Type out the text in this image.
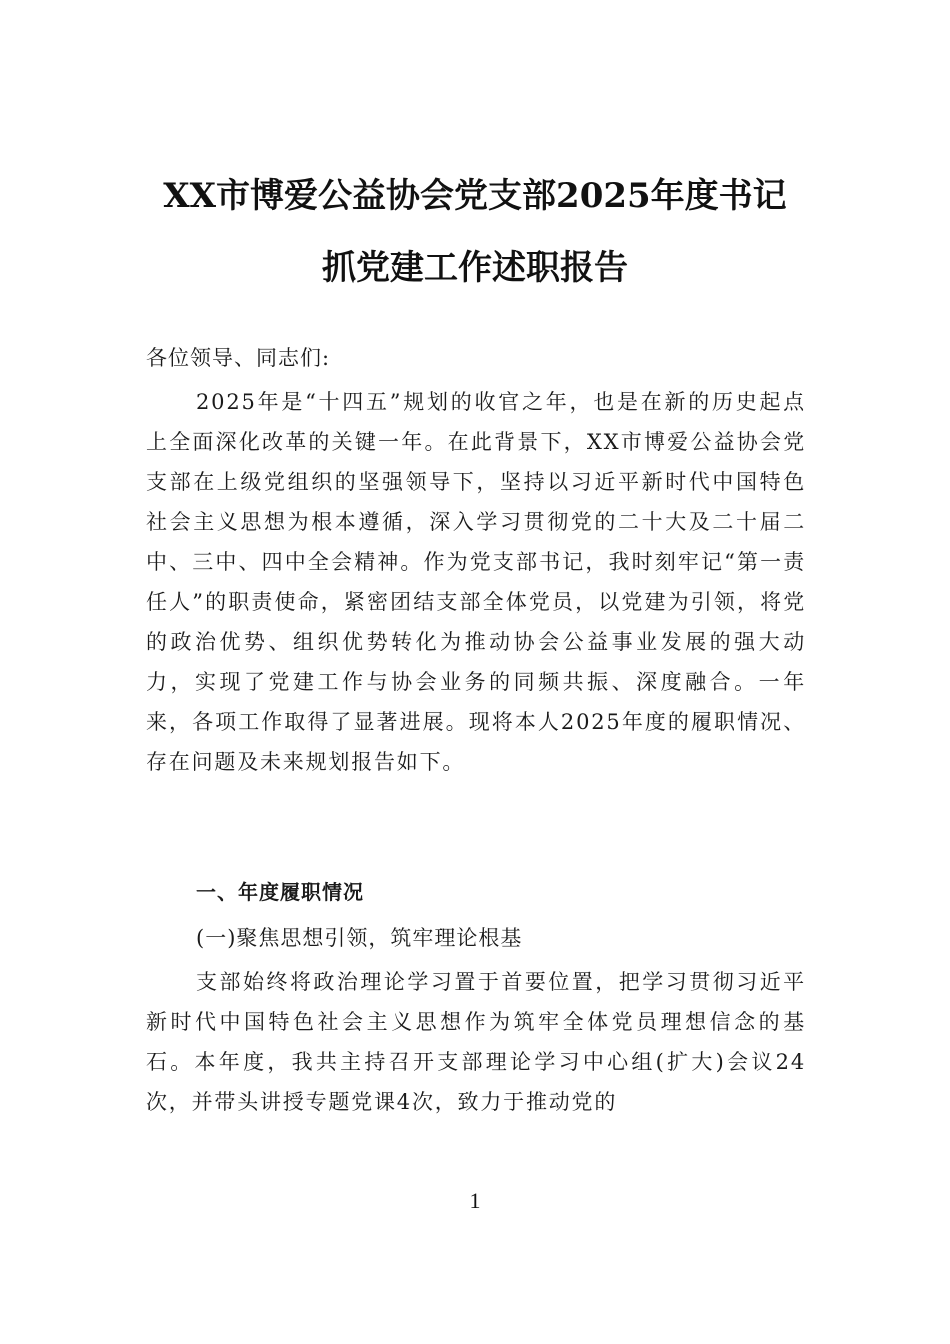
XX市博爱公益协会党支部2025年度书记
抓党建工作述职报告
各位领导、同志们:
2025年是“十四五”规划的收官之年，也是在新的历史起点上全面深化改革的关键一年。在此背景下，XX市博爱公益协会党支部在上级党组织的坚强领导下，坚持以习近平新时代中国特色社会主义思想为根本遵循，深入学习贯彻党的二十大及二十届二中、三中、四中全会精神。作为党支部书记，我时刻牢记“第一责任人”的职责使命，紧密团结支部全体党员，以党建为引领，将党的政治优势、组织优势转化为推动协会公益事业发展的强大动力，实现了党建工作与协会业务的同频共振、深度融合。一年来，各项工作取得了显著进展。现将本人2025年度的履职情况、存在问题及未来规划报告如下。
一、年度履职情况
(一)聚焦思想引领，筑牢理论根基
支部始终将政治理论学习置于首要位置，把学习贯彻习近平新时代中国特色社会主义思想作为筑牢全体党员理想信念的基石。本年度，我共主持召开支部理论学习中心组(扩大)会议24次，并带头讲授专题党课4次，致力于推动党的
1
